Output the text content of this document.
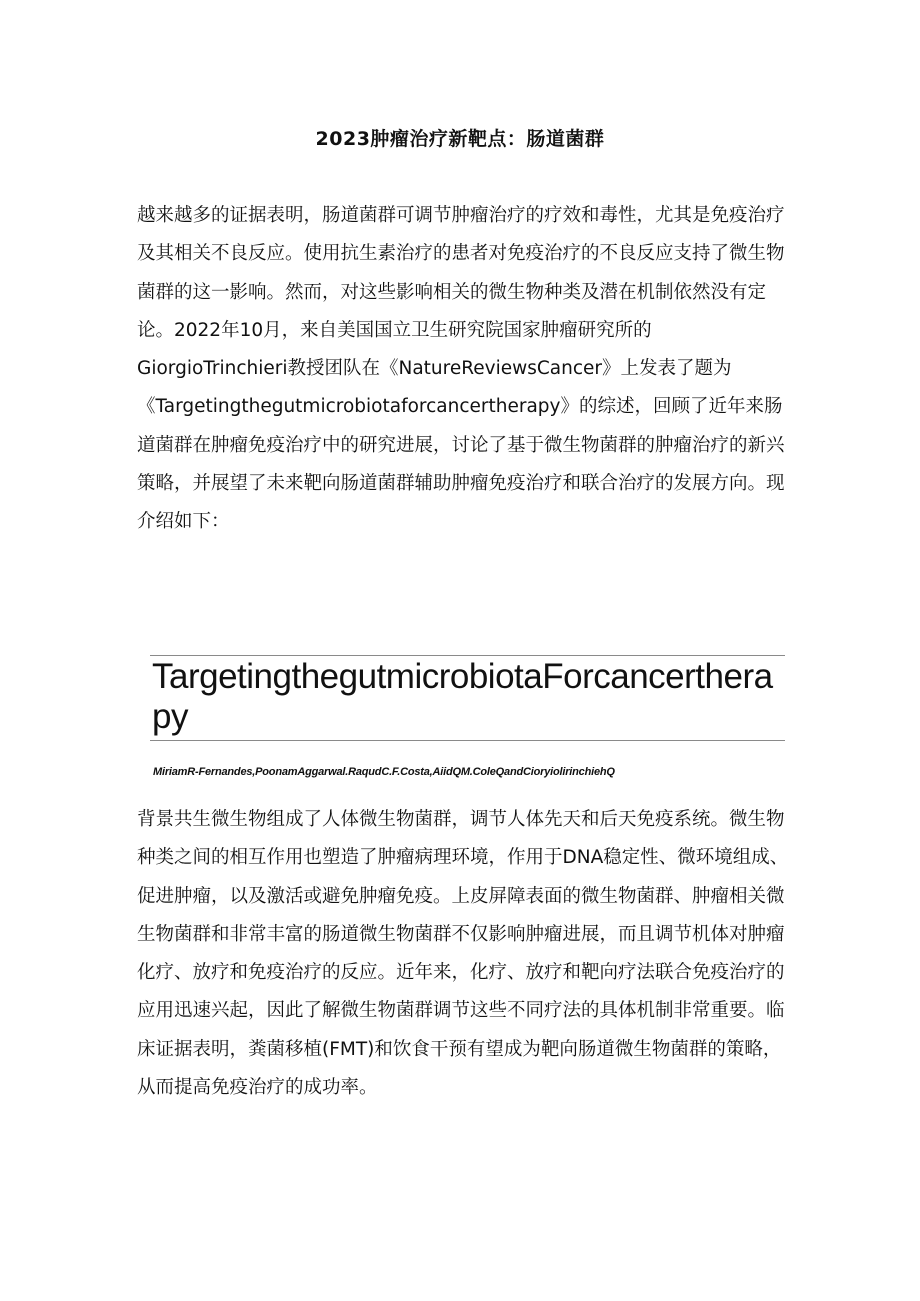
2023肿瘤治疗新靶点：肠道菌群

越来越多的证据表明，肠道菌群可调节肿瘤治疗的疗效和毒性，尤其是免疫治疗及其相关不良反应。使用抗生素治疗的患者对免疫治疗的不良反应支持了微生物菌群的这一影响。然而，对这些影响相关的微生物种类及潜在机制依然没有定论。2022年10月，来自美国国立卫生研究院国家肿瘤研究所的GiorgioTrinchieri教授团队在《NatureReviewsCancer》上发表了题为《Targetingthegutmicrobiotaforcancertherapy》的综述，回顾了近年来肠道菌群在肿瘤免疫治疗中的研究进展，讨论了基于微生物菌群的肿瘤治疗的新兴策略，并展望了未来靶向肠道菌群辅助肿瘤免疫治疗和联合治疗的发展方向。现介绍如下：

TargetingthegutmicrobiotaForcancertherapy
MiriamR-Fernandes,PoonamAggarwal.RaqudC.F.Costa,AiidQM.ColeQandCioryiolirinchiehQ

背景共生微生物组成了人体微生物菌群，调节人体先天和后天免疫系统。微生物种类之间的相互作用也塑造了肿瘤病理环境，作用于DNA稳定性、微环境组成、促进肿瘤，以及激活或避免肿瘤免疫。上皮屏障表面的微生物菌群、肿瘤相关微生物菌群和非常丰富的肠道微生物菌群不仅影响肿瘤进展，而且调节机体对肿瘤化疗、放疗和免疫治疗的反应。近年来，化疗、放疗和靶向疗法联合免疫治疗的应用迅速兴起，因此了解微生物菌群调节这些不同疗法的具体机制非常重要。临床证据表明，粪菌移植(FMT)和饮食干预有望成为靶向肠道微生物菌群的策略，从而提高免疫治疗的成功率。
